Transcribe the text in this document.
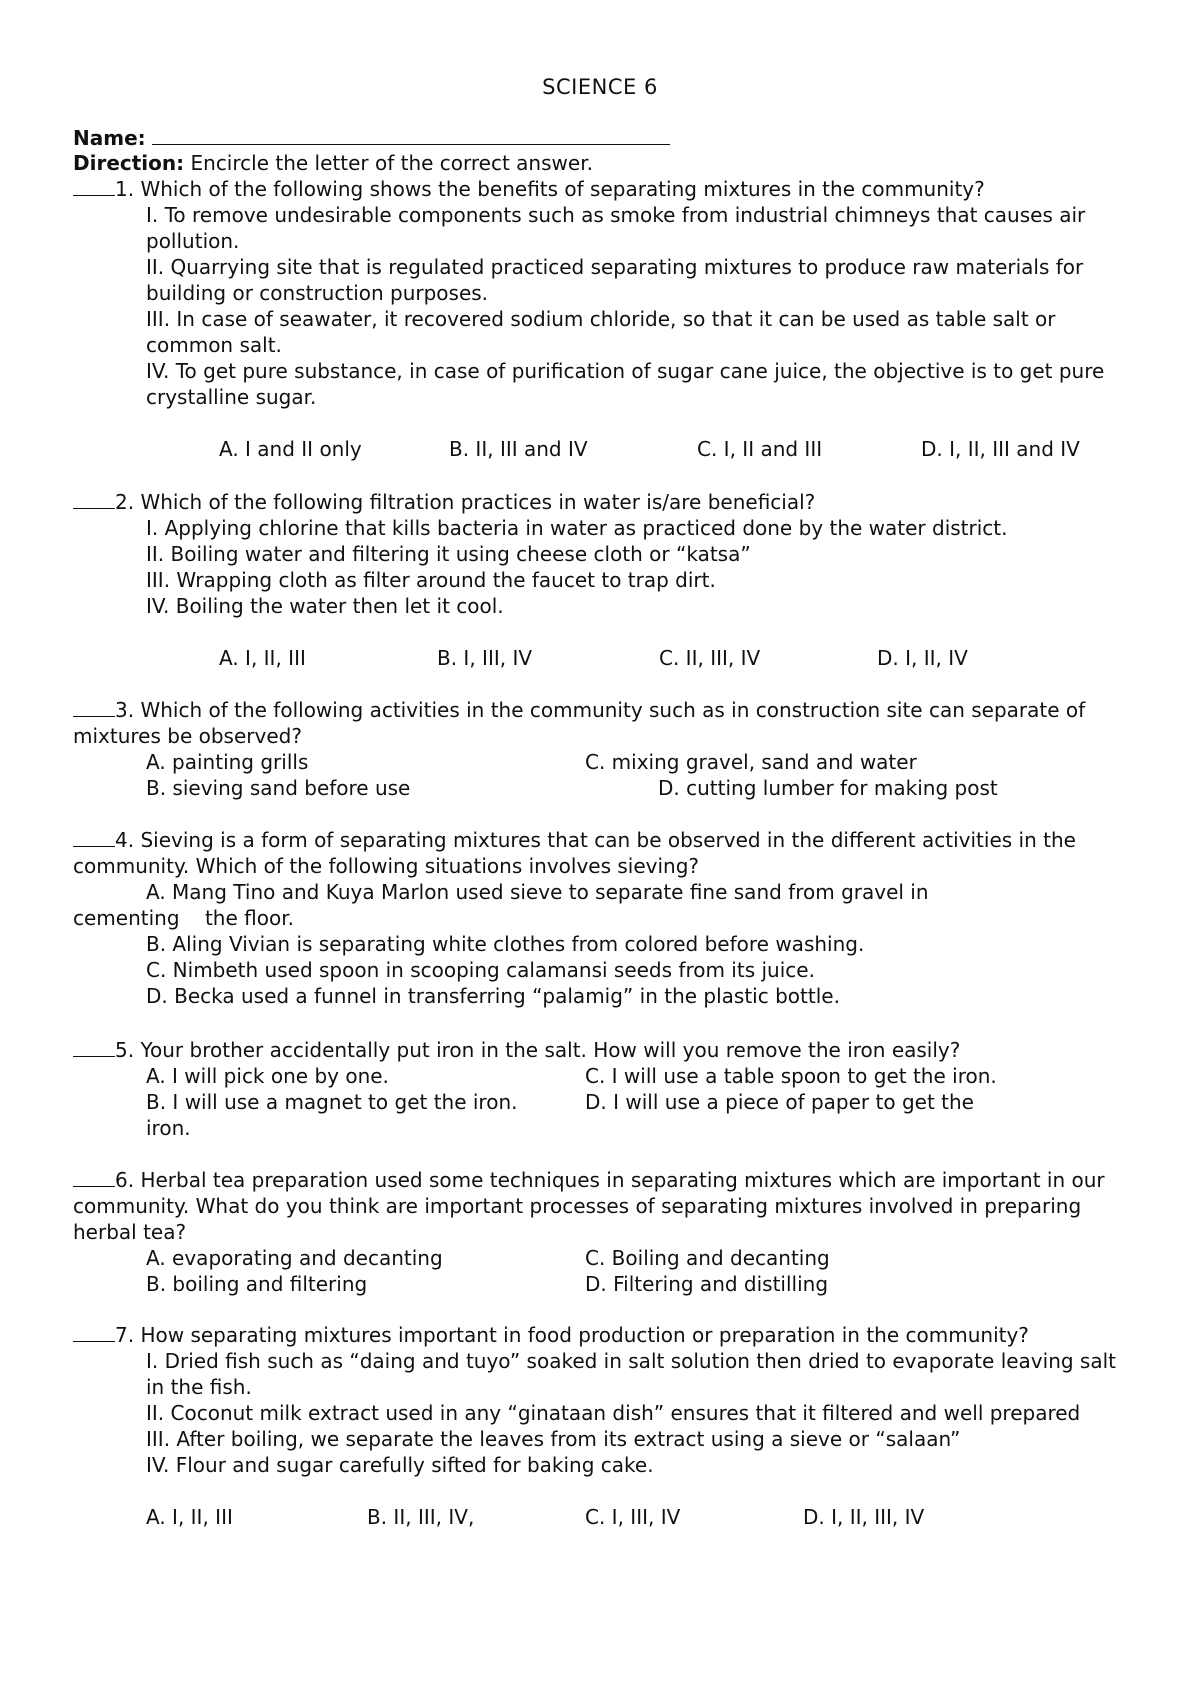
SCIENCE 6
Name:
Direction: Encircle the letter of the correct answer.
1. Which of the following shows the benefits of separating mixtures in the community?
I. To remove undesirable components such as smoke from industrial chimneys that causes air pollution.
II. Quarrying site that is regulated practiced separating mixtures to produce raw materials for building or construction purposes.
III. In case of seawater, it recovered sodium chloride, so that it can be used as table salt or common salt.
IV. To get pure substance, in case of purification of sugar cane juice, the objective is to get pure crystalline sugar.
A. I and II only	B. II, III and IV	C. I, II and III	D. I, II, III and IV
2. Which of the following filtration practices in water is/are beneficial?
I. Applying chlorine that kills bacteria in water as practiced done by the water district.
II. Boiling water and filtering it using cheese cloth or “katsa”
III. Wrapping cloth as filter around the faucet to trap dirt.
IV. Boiling the water then let it cool.
A. I, II, III	B. I, III, IV	C. II, III, IV	D. I, II, IV
3. Which of the following activities in the community such as in construction site can separate of mixtures be observed?
A. painting grills	C. mixing gravel, sand and water
B. sieving sand before use	D. cutting lumber for making post
4. Sieving is a form of separating mixtures that can be observed in the different activities in the community. Which of the following situations involves sieving?
A. Mang Tino and Kuya Marlon used sieve to separate fine sand from gravel in
cementing    the floor.
B. Aling Vivian is separating white clothes from colored before washing.
C. Nimbeth used spoon in scooping calamansi seeds from its juice.
D. Becka used a funnel in transferring “palamig” in the plastic bottle.
5. Your brother accidentally put iron in the salt. How will you remove the iron easily?
A. I will pick one by one.	C. I will use a table spoon to get the iron.
B. I will use a magnet to get the iron.	D. I will use a piece of paper to get the
iron.
6. Herbal tea preparation used some techniques in separating mixtures which are important in our community. What do you think are important processes of separating mixtures involved in preparing herbal tea?
A. evaporating and decanting	C. Boiling and decanting
B. boiling and filtering	D. Filtering and distilling
7. How separating mixtures important in food production or preparation in the community?
I. Dried fish such as “daing and tuyo” soaked in salt solution then dried to evaporate leaving salt in the fish.
II. Coconut milk extract used in any “ginataan dish” ensures that it filtered and well prepared
III. After boiling, we separate the leaves from its extract using a sieve or “salaan”
IV. Flour and sugar carefully sifted for baking cake.
A. I, II, III	B. II, III, IV,	C. I, III, IV	D. I, II, III, IV
